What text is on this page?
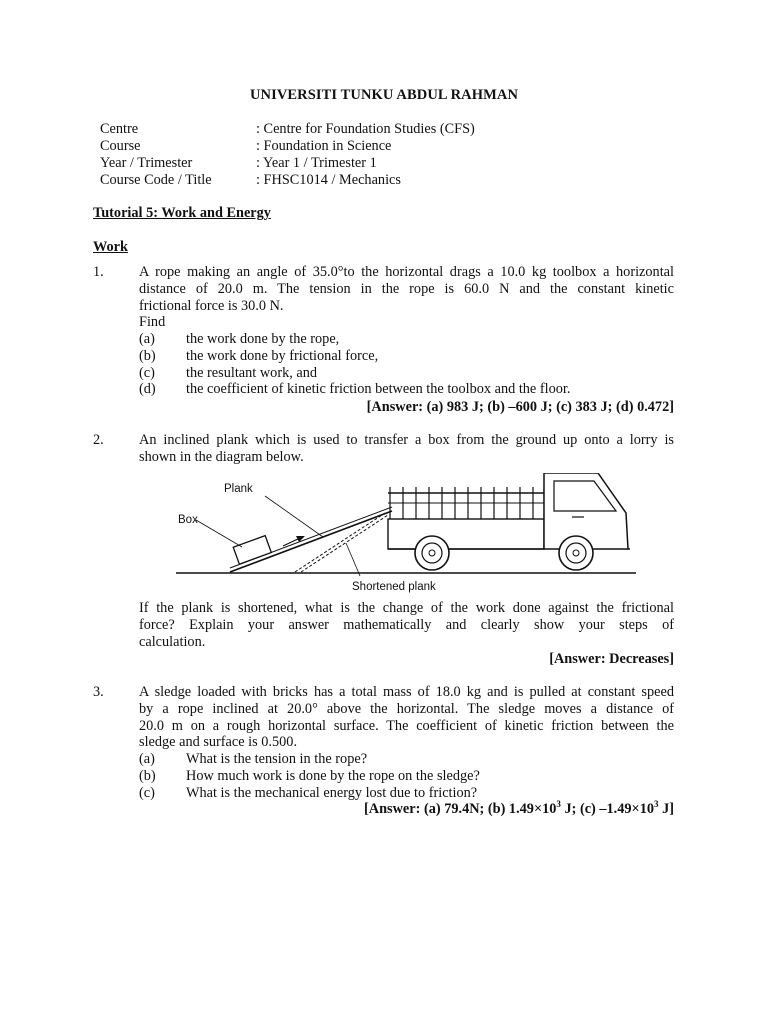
UNIVERSITI TUNKU ABDUL RAHMAN
Centre	: Centre for Foundation Studies (CFS)
Course	: Foundation in Science
Year / Trimester	: Year 1 / Trimester 1
Course Code / Title	: FHSC1014 / Mechanics
Tutorial 5: Work and Energy
Work
1. A rope making an angle of 35.0°to the horizontal drags a 10.0 kg toolbox a horizontal
distance of 20.0 m. The tension in the rope is 60.0 N and the constant kinetic
frictional force is 30.0 N.
Find
(a) the work done by the rope,
(b) the work done by frictional force,
(c) the resultant work, and
(d) the coefficient of kinetic friction between the toolbox and the floor.
[Answer: (a) 983 J; (b) –600 J; (c) 383 J; (d) 0.472]
2. An inclined plank which is used to transfer a box from the ground up onto a lorry is
shown in the diagram below.
Plank
Box
Shortened plank
If the plank is shortened, what is the change of the work done against the frictional
force? Explain your answer mathematically and clearly show your steps of
calculation.
[Answer: Decreases]
3. A sledge loaded with bricks has a total mass of 18.0 kg and is pulled at constant speed
by a rope inclined at 20.0° above the horizontal. The sledge moves a distance of
20.0 m on a rough horizontal surface. The coefficient of kinetic friction between the
sledge and surface is 0.500.
(a) What is the tension in the rope?
(b) How much work is done by the rope on the sledge?
(c) What is the mechanical energy lost due to friction?
[Answer: (a) 79.4N; (b) $1.49\times 10^3$ J; (c) $-1.49\times 10^3$ J]
